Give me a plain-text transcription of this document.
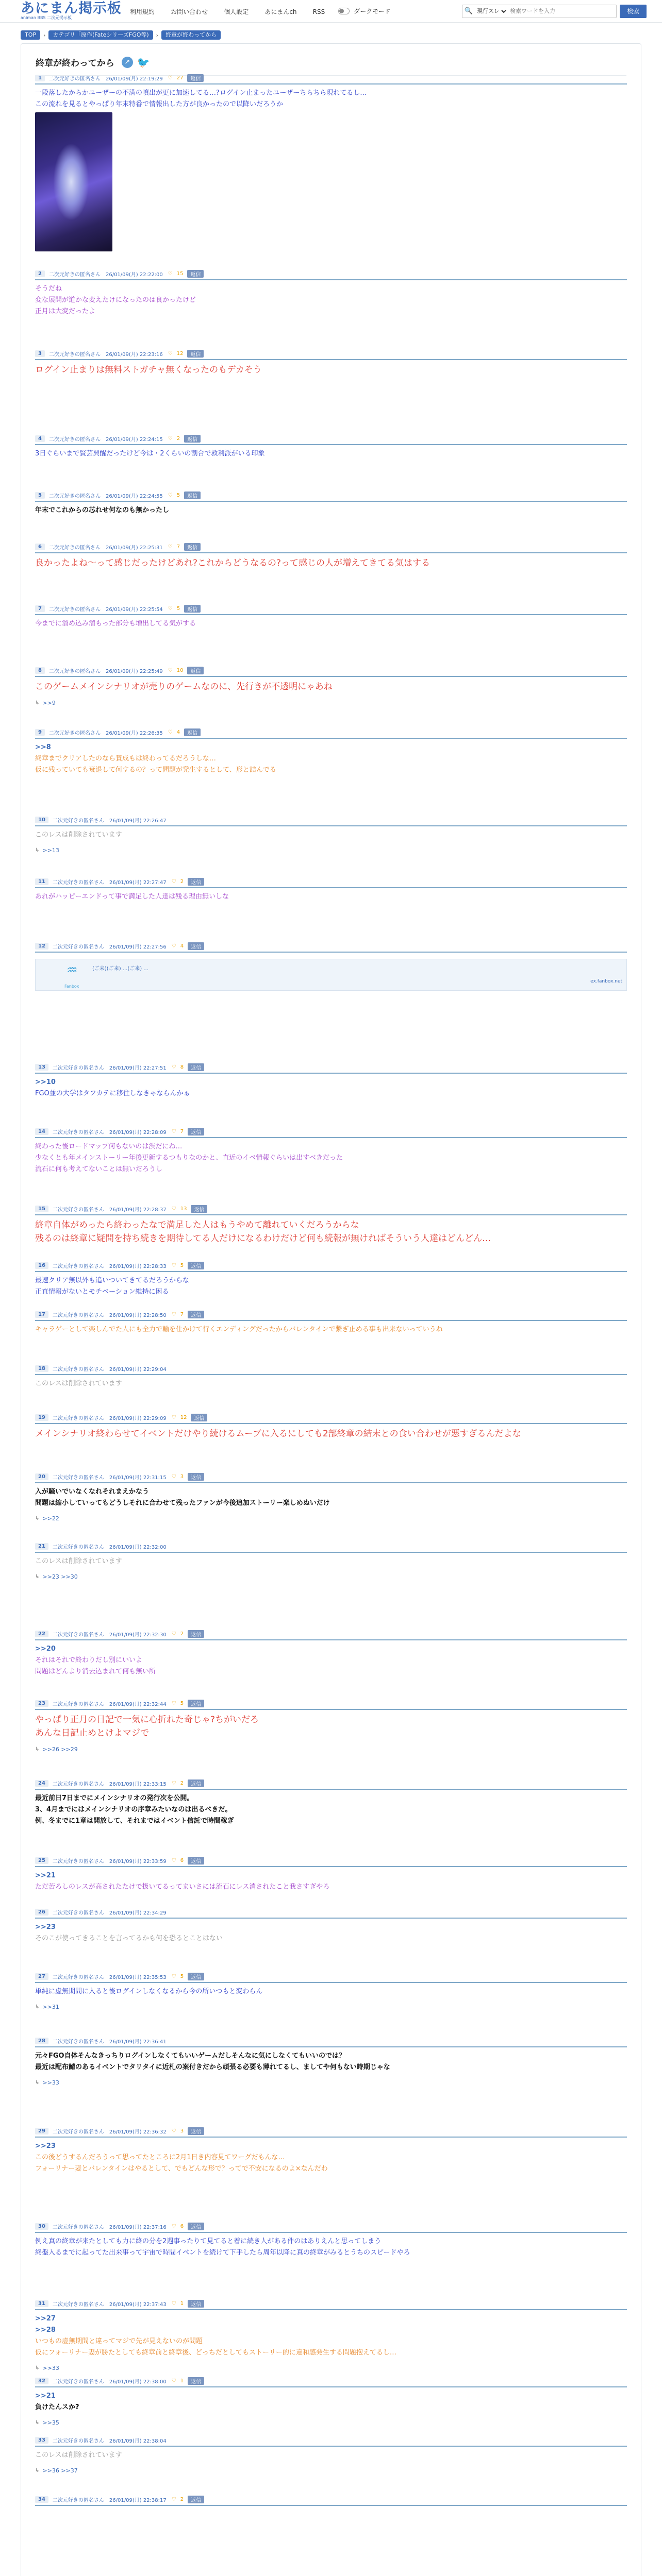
あにまん掲示板
animan BBS 二次元掲示板
利用規約	お問い合わせ	個人設定	あにまんch	RSS	ダークモード	🔍
現行スレ
検索ワードを入力	検索
TOP	›	カテゴリ「原作(FateシリーズFGO等)	›	終章が終わってから
終章が終わってから	↗ 🐦
1	二次元好きの匿名さん 26/01/09(月) 22:19:29 ♡ 27	返信
一段落したからかユーザーの不満の噴出が更に加速してる…?ログイン止まったユーザーちらちら現れてるし…
この流れを見るとやっぱり年末特番で情報出した方が良かったので以降いだろうか
2	二次元好きの匿名さん 26/01/09(月) 22:22:00 ♡ 15	返信
そうだね
変な展開が道かな変えたけになったのは良かったけど
正月は大変だったよ
3	二次元好きの匿名さん 26/01/09(月) 22:23:16 ♡ 12	返信
ログイン止まりは無料ストガチャ無くなったのもデカそう
4	二次元好きの匿名さん 26/01/09(月) 22:24:15 ♡ 2	返信
3日ぐらいまで賢芸興醒だったけど今は・2くらいの割合で救利派がいる印象
5	二次元好きの匿名さん 26/01/09(月) 22:24:55 ♡ 5	返信
年末でこれからの芯れせ何なのも無かったし
6	二次元好きの匿名さん 26/01/09(月) 22:25:31 ♡ 7	返信
良かったよね〜って感じだったけどあれ?これからどうなるの?って感じの人が増えてきてる気はする
7	二次元好きの匿名さん 26/01/09(月) 22:25:54 ♡ 5	返信
今までに溜め込み溜もった部分も増出してる気がする
8	二次元好きの匿名さん 26/01/09(月) 22:25:49 ♡ 10	返信
このゲームメインシナリオが売りのゲームなのに、先行きが不透明にゃあね
↳ >>9
9	二次元好きの匿名さん 26/01/09(月) 22:26:35 ♡ 4	返信
>>8
終章までクリアしたのなら賛成もは終わってるだろうしな…
仮に残っていても衰退して何するの？って問題が発生するとして、形と詰んでる
10	二次元好きの匿名さん 26/01/09(月) 22:26:47
このレスは削除されています
↳ >>13
11	二次元好きの匿名さん 26/01/09(月) 22:27:47 ♡ 2	返信
あれがハッピーエンドって事で満足した人達は残る理由無いしな
12	二次元好きの匿名さん 26/01/09(月) 22:27:56 ♡ 4	返信
♒
Fanbox
(ご来)(ご来) ...(ご来) ...
ex.fanbox.net
13	二次元好きの匿名さん 26/01/09(月) 22:27:51 ♡ 8	返信
>>10
FGO並の大学はタフカテに移住しなきゃならんかぁ
14	二次元好きの匿名さん 26/01/09(月) 22:28:09 ♡ 7	返信
終わった後ロードマップ何もないのは渋だにね…
少なくとも年メインストーリー年後更新するつもりなのかと、直近のイベ情報ぐらいは出すべきだった
流石に何も考えてないことは無いだろうし
15	二次元好きの匿名さん 26/01/09(月) 22:28:37 ♡ 13	返信
終章自体がめったら終わったなで満足した人はもうやめて離れていくだろうからな
残るのは終章に疑問を持ち続きを期待してる人だけになるわけだけど何も続報が無ければそういう人達はどんどん…
16	二次元好きの匿名さん 26/01/09(月) 22:28:33 ♡ 5	返信
最速クリア無以外も追いついてきてるだろうからな
正直情報がないとモチベーション維持に困る
17	二次元好きの匿名さん 26/01/09(月) 22:28:50 ♡ 7	返信
キャラゲーとして楽しんでた人にも全力で輸を仕かけて行くエンディングだったからバレンタインで繋ぎ止める事も出来ないっていうね
18	二次元好きの匿名さん 26/01/09(月) 22:29:04
このレスは削除されています
19	二次元好きの匿名さん 26/01/09(月) 22:29:09 ♡ 12	返信
メインシナリオ終わらせてイベントだけやり続けるムーブに入るにしても2部終章の結末との食い合わせが悪すぎるんだよな
20	二次元好きの匿名さん 26/01/09(月) 22:31:15 ♡ 3	返信
入が騒いでいなくなれそれまえかなう
問題は縮小していってもどうしそれに合わせて残ったファンが今後追加ストーリー楽しめぬいだけ
↳ >>22
21	二次元好きの匿名さん 26/01/09(月) 22:32:00
このレスは削除されています
↳ >>23 >>30
22	二次元好きの匿名さん 26/01/09(月) 22:32:30 ♡ 2	返信
>>20
それはそれで終わりだし別にいいよ
問題はどんより消去込まれて何も無い所
23	二次元好きの匿名さん 26/01/09(月) 22:32:44 ♡ 5	返信
やっぱり正月の日記で一気に心折れた奇じゃ?ちがいだろ
あんな日記止めとけよマジで
↳ >>26 >>29
24	二次元好きの匿名さん 26/01/09(月) 22:33:15 ♡ 2	返信
最近前日7日までにメインシナリオの発行次を公開。
3、4月までにはメインシナリオの序章みたいなのは出るベきだ。
例、冬までに1章は開放して、それまではイベント信託で時間稼ぎ
25	二次元好きの匿名さん 26/01/09(月) 22:33:59 ♡ 6	返信
>>21
ただ苦ろしのレスが高されたたけで扱いてるってまいさには流石にレス消されたこと我さすぎやろ
26	二次元好きの匿名さん 26/01/09(月) 22:34:29
>>23
そのこが使ってきることを言ってるかも何を恐るとことはない
27	二次元好きの匿名さん 26/01/09(月) 22:35:53 ♡ 5	返信
単純に虚無期間に入ると後ログインしなくなるから今の所いつもと変わらん
↳ >>31
28	二次元好きの匿名さん 26/01/09(月) 22:36:41
元々FGO自体そんなきっちりログインしなくてもいいゲームだしそんなに気にしなくてもいいのでは？
最近は配布鯖のあるイベントでタリタイに近札の案付きだから頑張る必要も薄れてるし、ましてや何もない時期じゃな
↳ >>33
29	二次元好きの匿名さん 26/01/09(月) 22:36:32 ♡ 3	返信
>>23
この後どうするんだろうって思ってたところに2月1日き内容見てワーグだもんな…
フォーリナー妻とバレンタインはやるとして、でもどんな形で？ってで不安になるのよ×なんだわ
30	二次元好きの匿名さん 26/01/09(月) 22:37:16 ♡ 6	返信
例え真の終章が来たとしても力に終の分を2週事ったりて見てると着に続き人がある件のはありえんと思ってしまう
終盤入るまでに起ってた出来事って宇宙で時間イベントを続けて下手したら周年以降に真の終章がみるとうちのスピードやろ
31	二次元好きの匿名さん 26/01/09(月) 22:37:43 ♡ 1	返信
>>27
>>28
いつもの虚無期間と違ってマジで先が見えないのが問題
仮にフォーリナー妻が勝たとしても終章前と終章後、どっちだとしてもストーリー的に違和感発生する問題抱えてるし…
↳ >>33
32	二次元好きの匿名さん 26/01/09(月) 22:38:00 ♡ 1	返信
>>21
負けたんスか?
↳ >>35
33	二次元好きの匿名さん 26/01/09(月) 22:38:04
このレスは削除されています
↳ >>36 >>37
34	二次元好きの匿名さん 26/01/09(月) 22:38:17 ♡ 2	返信
